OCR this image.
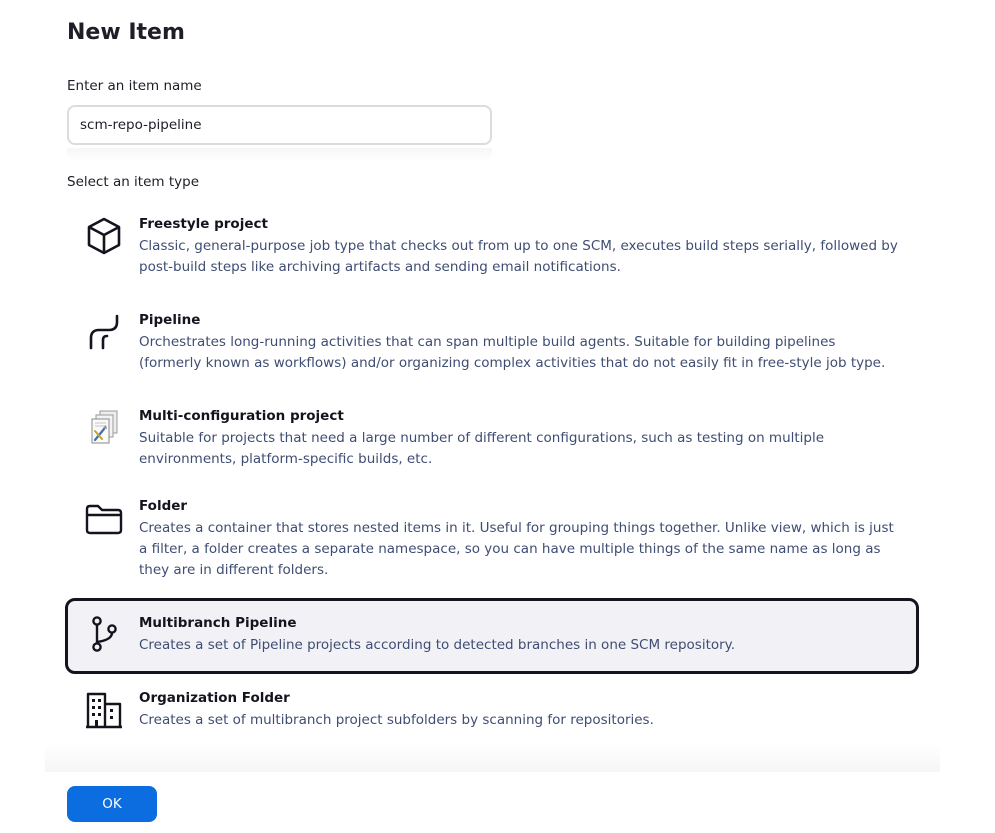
New Item
Enter an item name
scm-repo-pipeline
Select an item type
Freestyle project
Classic, general-purpose job type that checks out from up to one SCM, executes build steps serially, followed by post-build steps like archiving artifacts and sending email notifications.
Pipeline
Orchestrates long-running activities that can span multiple build agents. Suitable for building pipelines (formerly known as workflows) and/or organizing complex activities that do not easily fit in free-style job type.
Multi-configuration project
Suitable for projects that need a large number of different configurations, such as testing on multiple environments, platform-specific builds, etc.
Folder
Creates a container that stores nested items in it. Useful for grouping things together. Unlike view, which is just a filter, a folder creates a separate namespace, so you can have multiple things of the same name as long as they are in different folders.
Multibranch Pipeline
Creates a set of Pipeline projects according to detected branches in one SCM repository.
Organization Folder
Creates a set of multibranch project subfolders by scanning for repositories.
OK
